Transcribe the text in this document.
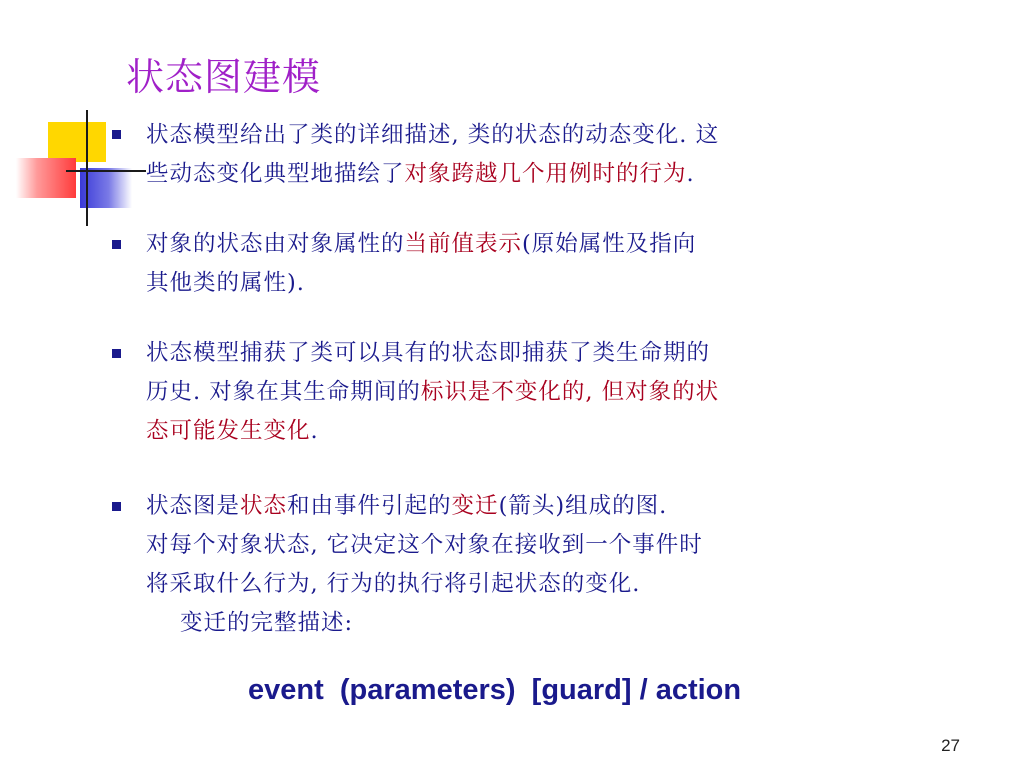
状态图建模

状态模型给出了类的详细描述, 类的状态的动态变化. 这
些动态变化典型地描绘了对象跨越几个用例时的行为.

对象的状态由对象属性的当前值表示(原始属性及指向
其他类的属性).

状态模型捕获了类可以具有的状态即捕获了类生命期的
历史. 对象在其生命期间的标识是不变化的, 但对象的状
态可能发生变化.

状态图是状态和由事件引起的变迁(箭头)组成的图.
对每个对象状态, 它决定这个对象在接收到一个事件时
将采取什么行为, 行为的执行将引起状态的变化.
变迁的完整描述:

event  (parameters)  [guard] / action

27
